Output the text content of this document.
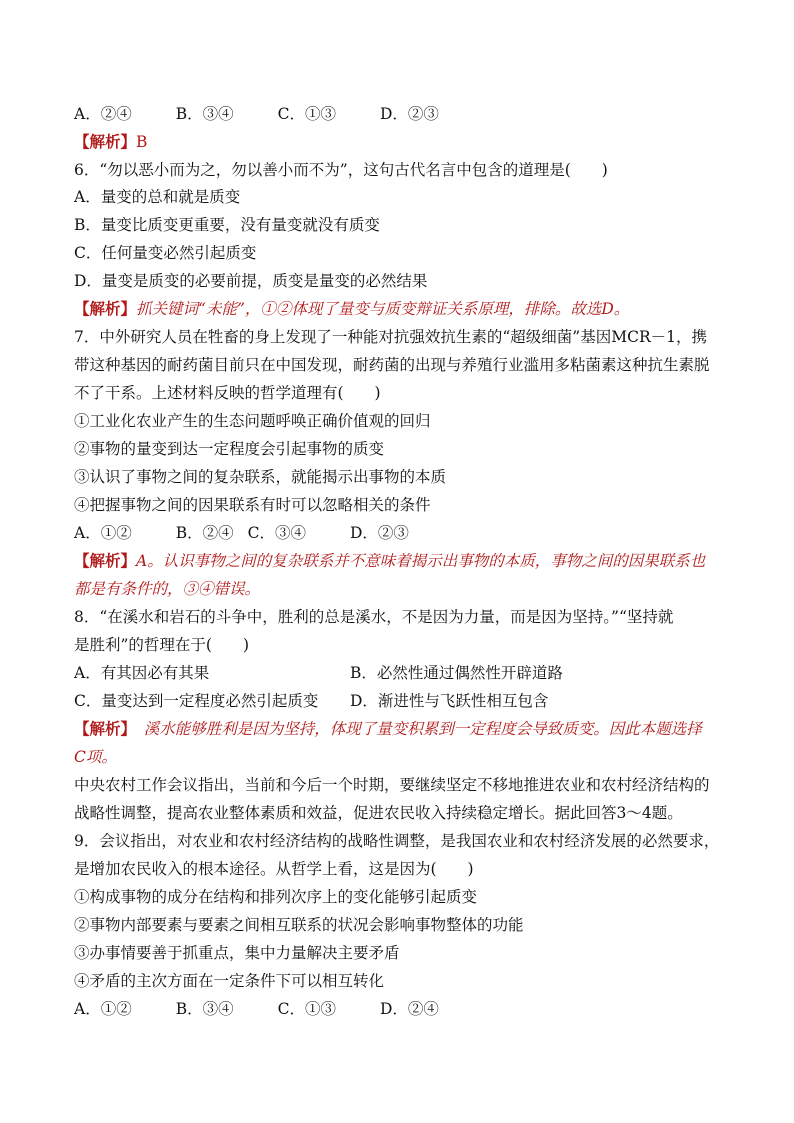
A．②④	B．③④	C．①③	D．②③
【解析】B
6．“勿以恶小而为之，勿以善小而不为”，这句古代名言中包含的道理是(　　)
A．量变的总和就是质变
B．量变比质变更重要，没有量变就没有质变
C．任何量变必然引起质变
D．量变是质变的必要前提，质变是量变的必然结果
【解析】抓关键词“未能”，①②体现了量变与质变辩证关系原理，排除。故选D。
7．中外研究人员在牲畜的身上发现了一种能对抗强效抗生素的“超级细菌”基因MCR－1，携
带这种基因的耐药菌目前只在中国发现，耐药菌的出现与养殖行业滥用多粘菌素这种抗生素脱
不了干系。上述材料反映的哲学道理有(　　)
①工业化农业产生的生态问题呼唤正确价值观的回归
②事物的量变到达一定程度会引起事物的质变
③认识了事物之间的复杂联系，就能揭示出事物的本质
④把握事物之间的因果联系有时可以忽略相关的条件
A．①②	B．②④ C．③④	D．②③
【解析】A。认识事物之间的复杂联系并不意味着揭示出事物的本质，事物之间的因果联系也
都是有条件的，③④错误。
8．“在溪水和岩石的斗争中，胜利的总是溪水，不是因为力量，而是因为坚持。”“坚持就
是胜利”的哲理在于(　　)
A．有其因必有其果	B．必然性通过偶然性开辟道路
C．量变达到一定程度必然引起质变 D．渐进性与飞跃性相互包含
【解析】　溪水能够胜利是因为坚持，体现了量变积累到一定程度会导致质变。因此本题选择
C项。
中央农村工作会议指出，当前和今后一个时期，要继续坚定不移地推进农业和农村经济结构的
战略性调整，提高农业整体素质和效益，促进农民收入持续稳定增长。据此回答3～4题。
9．会议指出，对农业和农村经济结构的战略性调整，是我国农业和农村经济发展的必然要求，
是增加农民收入的根本途径。从哲学上看，这是因为(　　)
①构成事物的成分在结构和排列次序上的变化能够引起质变
②事物内部要素与要素之间相互联系的状况会影响事物整体的功能
③办事情要善于抓重点，集中力量解决主要矛盾
④矛盾的主次方面在一定条件下可以相互转化
A．①②	B．③④	C．①③	D．②④
